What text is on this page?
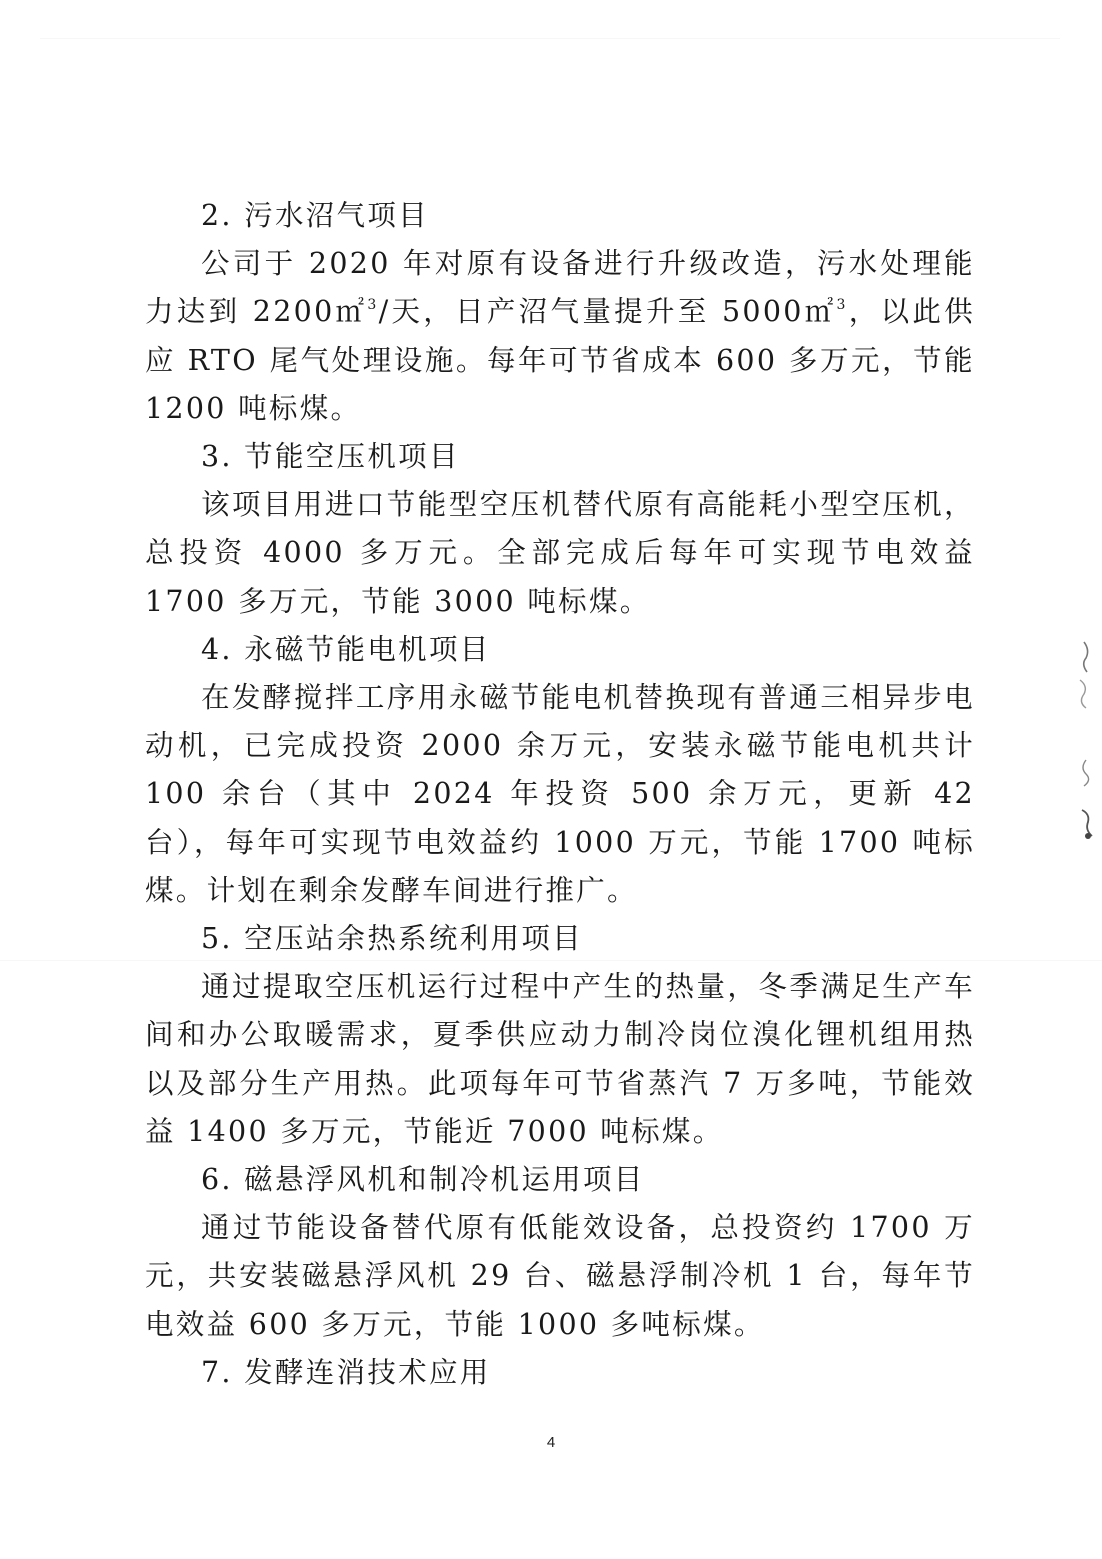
2. 污水沼气项目

公司于 2020 年对原有设备进行升级改造，污水处理能力达到 2200㎡$^3$/天，日产沼气量提升至 5000㎡$^3$，以此供应 RTO 尾气处理设施。每年可节省成本 600 多万元，节能 1200 吨标煤。

3. 节能空压机项目

该项目用进口节能型空压机替代原有高能耗小型空压机，总投资 4000 多万元。全部完成后每年可实现节电效益 1700 多万元，节能 3000 吨标煤。

4. 永磁节能电机项目

在发酵搅拌工序用永磁节能电机替换现有普通三相异步电动机，已完成投资 2000 余万元，安装永磁节能电机共计 100 余台（其中 2024 年投资 500 余万元，更新 42 台），每年可实现节电效益约 1000 万元，节能 1700 吨标煤。计划在剩余发酵车间进行推广。

5. 空压站余热系统利用项目

通过提取空压机运行过程中产生的热量，冬季满足生产车间和办公取暖需求，夏季供应动力制冷岗位溴化锂机组用热以及部分生产用热。此项每年可节省蒸汽 7 万多吨，节能效益 1400 多万元，节能近 7000 吨标煤。

6. 磁悬浮风机和制冷机运用项目

通过节能设备替代原有低能效设备，总投资约 1700 万元，共安装磁悬浮风机 29 台、磁悬浮制冷机 1 台，每年节电效益 600 多万元，节能 1000 多吨标煤。

7. 发酵连消技术应用

4
